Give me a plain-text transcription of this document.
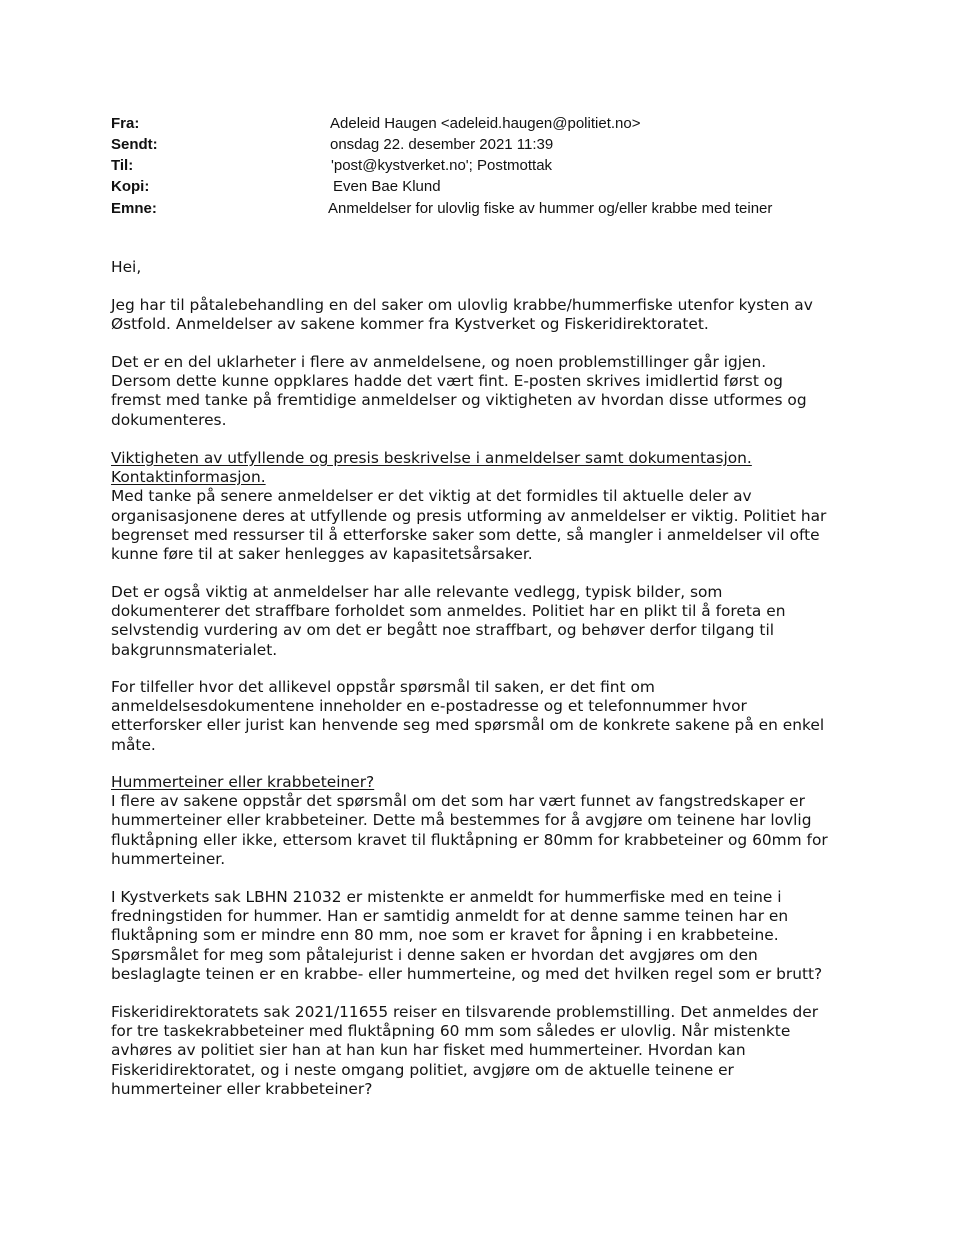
Fra:	Adeleid Haugen <adeleid.haugen@politiet.no>
Sendt:	onsdag 22. desember 2021 11:39
Til:	'post@kystverket.no'; Postmottak
Kopi:	Even Bae Klund
Emne:	Anmeldelser for ulovlig fiske av hummer og/eller krabbe med teiner

Hei,

Jeg har til påtalebehandling en del saker om ulovlig krabbe/hummerfiske utenfor kysten av

Østfold. Anmeldelser av sakene kommer fra Kystverket og Fiskeridirektoratet.

Det er en del uklarheter i flere av anmeldelsene, og noen problemstillinger går igjen.

Dersom dette kunne oppklares hadde det vært fint. E-posten skrives imidlertid først og

fremst med tanke på fremtidige anmeldelser og viktigheten av hvordan disse utformes og

dokumenteres.

Viktigheten av utfyllende og presis beskrivelse i anmeldelser samt dokumentasjon.

Kontaktinformasjon.

Med tanke på senere anmeldelser er det viktig at det formidles til aktuelle deler av

organisasjonene deres at utfyllende og presis utforming av anmeldelser er viktig. Politiet har

begrenset med ressurser til å etterforske saker som dette, så mangler i anmeldelser vil ofte

kunne føre til at saker henlegges av kapasitetsårsaker.

Det er også viktig at anmeldelser har alle relevante vedlegg, typisk bilder, som

dokumenterer det straffbare forholdet som anmeldes. Politiet har en plikt til å foreta en

selvstendig vurdering av om det er begått noe straffbart, og behøver derfor tilgang til

bakgrunnsmaterialet.

For tilfeller hvor det allikevel oppstår spørsmål til saken, er det fint om

anmeldelsesdokumentene inneholder en e-postadresse og et telefonnummer hvor

etterforsker eller jurist kan henvende seg med spørsmål om de konkrete sakene på en enkel

måte.

Hummerteiner eller krabbeteiner?

I flere av sakene oppstår det spørsmål om det som har vært funnet av fangstredskaper er

hummerteiner eller krabbeteiner. Dette må bestemmes for å avgjøre om teinene har lovlig

fluktåpning eller ikke, ettersom kravet til fluktåpning er 80mm for krabbeteiner og 60mm for

hummerteiner.

I Kystverkets sak LBHN 21032 er mistenkte er anmeldt for hummerfiske med en teine i

fredningstiden for hummer. Han er samtidig anmeldt for at denne samme teinen har en

fluktåpning som er mindre enn 80 mm, noe som er kravet for åpning i en krabbeteine.

Spørsmålet for meg som påtalejurist i denne saken er hvordan det avgjøres om den

beslaglagte teinen er en krabbe- eller hummerteine, og med det hvilken regel som er brutt?

Fiskeridirektoratets sak 2021/11655 reiser en tilsvarende problemstilling. Det anmeldes der

for tre taskekrabbeteiner med fluktåpning 60 mm som således er ulovlig. Når mistenkte

avhøres av politiet sier han at han kun har fisket med hummerteiner. Hvordan kan

Fiskeridirektoratet, og i neste omgang politiet, avgjøre om de aktuelle teinene er

hummerteiner eller krabbeteiner?
